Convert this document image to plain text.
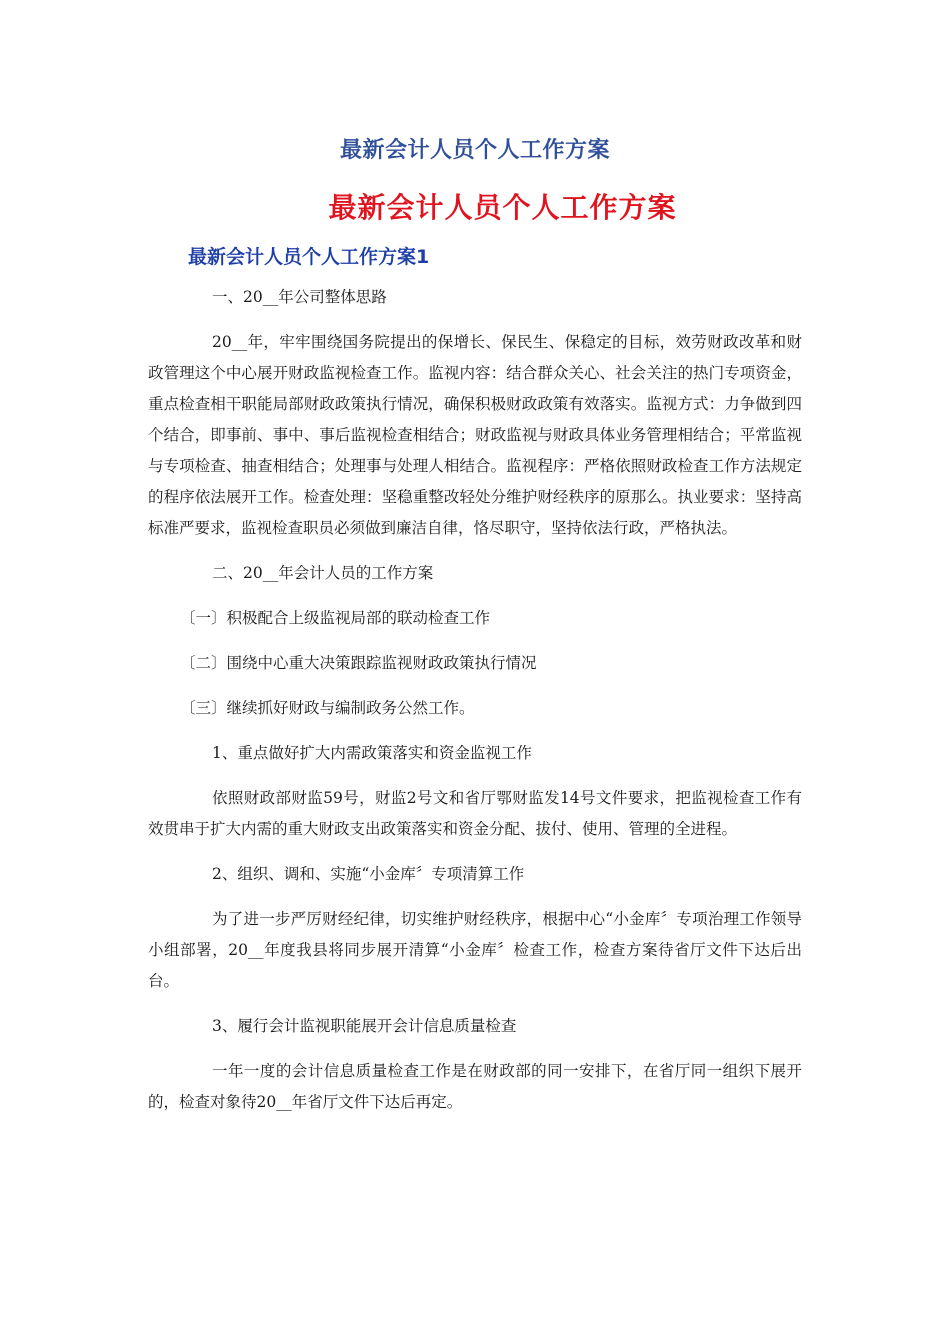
最新会计人员个人工作方案
最新会计人员个人工作方案
最新会计人员个人工作方案1

一、20__年公司整体思路

20__年，牢牢围绕国务院提出的保增长、保民生、保稳定的目标，效劳财政改革和财政管理这个中心展开财政监视检查工作。监视内容：结合群众关心、社会关注的热门专项资金，重点检查相干职能局部财政政策执行情况，确保积极财政政策有效落实。监视方式：力争做到四个结合，即事前、事中、事后监视检查相结合；财政监视与财政具体业务管理相结合；平常监视与专项检查、抽查相结合；处理事与处理人相结合。监视程序：严格依照财政检查工作方法规定的程序依法展开工作。检查处理：坚稳重整改轻处分维护财经秩序的原那么。执业要求：坚持高标准严要求，监视检查职员必须做到廉洁自律，恪尽职守，坚持依法行政，严格执法。

二、20__年会计人员的工作方案

〔一〕积极配合上级监视局部的联动检查工作

〔二〕围绕中心重大决策跟踪监视财政政策执行情况

〔三〕继续抓好财政与编制政务公然工作。

1、重点做好扩大内需政策落实和资金监视工作

依照财政部财监59号，财监2号文和省厅鄂财监发14号文件要求，把监视检查工作有效贯串于扩大内需的重大财政支出政策落实和资金分配、拔付、使用、管理的全进程。

2、组织、调和、实施“小金库〞专项清算工作

为了进一步严厉财经纪律，切实维护财经秩序，根据中心“小金库〞专项治理工作领导小组部署，20__年度我县将同步展开清算“小金库〞检查工作，检查方案待省厅文件下达后出台。

3、履行会计监视职能展开会计信息质量检查

一年一度的会计信息质量检查工作是在财政部的同一安排下，在省厅同一组织下展开的，检查对象待20__年省厅文件下达后再定。
